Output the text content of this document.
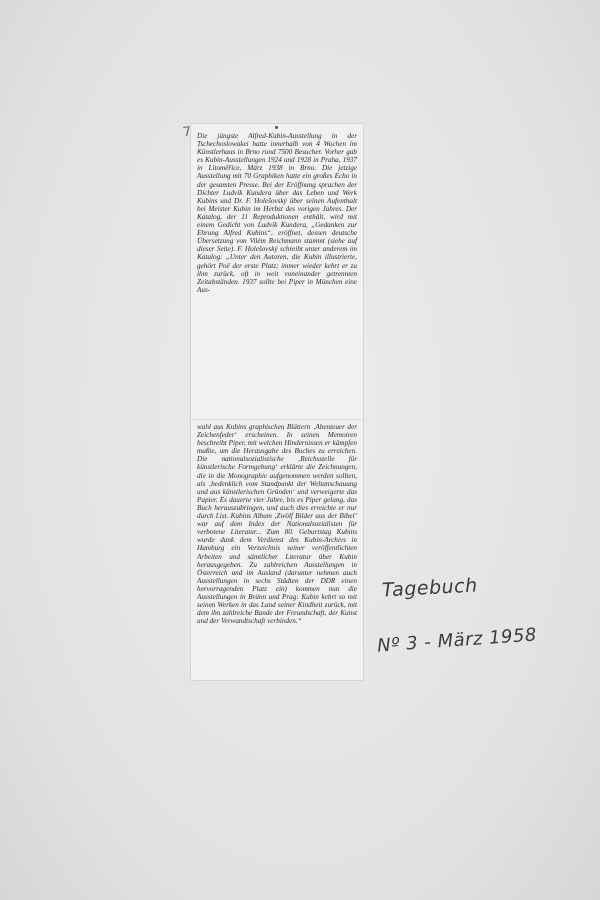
7 Die jüngste Alfred-Kubin-Ausstellung in der Tschechoslowakei hatte innerhalb von 4 Wochen im Künstlerhaus in Brno rund 7500 Besucher. Vorher gab es Kubin-Ausstellungen 1924 und 1928 in Praha, 1937 in Litoměřice, März 1938 in Brno. Die jetzige Ausstellung mit 70 Graphiken hatte ein großes Echo in der gesamten Presse. Bei der Eröffnung sprachen der Dichter Ludvík Kundera über das Leben und Werk Kubins und Dr. F. Holešovský über seinen Aufenthalt bei Meister Kubin im Herbst des vorigen Jahres. Der Katalog, der 11 Reproduktionen enthält, wird mit einem Gedicht von Ludvík Kundera, „Gedanken zur Ehrung Alfred Kubins“, eröffnet, dessen deutsche Übersetzung von Vilém Reichmann stammt (siehe auf dieser Seite). F. Holešovský schreibt unter anderem im Katalog: „Unter den Autoren, die Kubin illustrierte, gehört Poë der erste Platz; immer wieder kehrt er zu ihm zurück, oft in weit voneinander getrennten Zeitabständen. 1937 sollte bei Piper in München eine Aus-

wahl aus Kubins graphischen Blättern ‚Abenteuer der Zeichenfeder‘ erscheinen. In seinen Memoiren beschreibt Piper, mit welchen Hindernissen er kämpfen mußte, um die Herausgabe des Buches zu erreichen. Die nationalsozialistische ‚Reichsstelle für künstlerische Formgebung‘ erklärte die Zeichnungen, die in die Monographie aufgenommen werden sollten, als ‚bedenklich vom Standpunkt der Weltanschauung und aus künstlerischen Gründen‘ und verweigerte das Papier. Es dauerte vier Jahre, bis es Piper gelang, das Buch herauszubringen, und auch dies erreichte er nur durch List. Kubins Album ‚Zwölf Bilder aus der Bibel‘ war auf dem Index der Nationalsozialisten für verbotene Literatur... Zum 80. Geburtstag Kubins wurde dank dem Verdienst des Kubin-Archivs in Hamburg ein Verzeichnis seiner veröffentlichten Arbeiten und sämtlicher Literatur über Kubin herausgegeben. Zu zahlreichen Ausstellungen in Österreich und im Ausland (darunter nehmen auch Ausstellungen in sechs Städten der DDR einen hervorragenden Platz ein) kommen nun die Ausstellungen in Brünn und Prag: Kubin kehrt so mit seinen Werken in das Land seiner Kindheit zurück, mit dem ihn zahlreiche Bande der Freundschaft, der Kunst und der Verwandtschaft verbinden.“

Tagebuch
Nº 3 - März 1958
